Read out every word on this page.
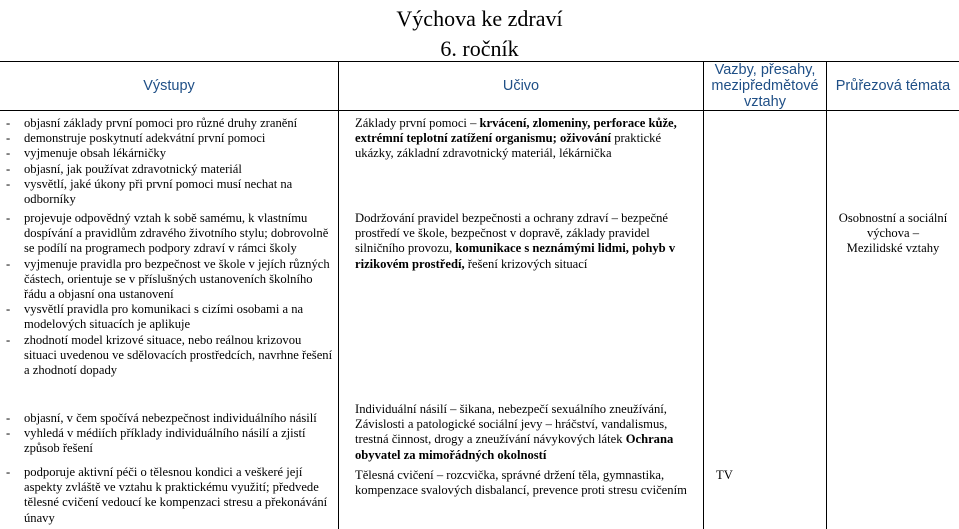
Výchova ke zdraví
6. ročník
Výstupy	Učivo
Vazby, přesahy, mezipředmětové vztahy
Průřezová témata
- objasní základy první pomoci pro různé druhy zranění
- demonstruje poskytnutí adekvátní první pomoci
- vyjmenuje obsah lékárničky
- objasní, jak používat zdravotnický materiál
- vysvětlí, jaké úkony při první pomoci musí nechat na odborníky
Základy první pomoci – krvácení, zlomeniny, perforace kůže, extrémní teplotní zatížení organismu; oživování praktické ukázky, základní zdravotnický materiál, lékárnička
- projevuje odpovědný vztah k sobě samému, k vlastnímu dospívání a pravidlům zdravého životního stylu; dobrovolně se podílí na programech podpory zdraví v rámci školy
- vyjmenuje pravidla pro bezpečnost ve škole v jejích různých částech, orientuje se v příslušných ustanoveních školního řádu a objasní ona ustanovení
- vysvětlí pravidla pro komunikaci s cizími osobami a na modelových situacích je aplikuje
- zhodnotí model krizové situace, nebo reálnou krizovou situaci uvedenou ve sdělovacích prostředcích, navrhne řešení a zhodnotí dopady
Dodržování pravidel bezpečnosti a ochrany zdraví – bezpečné prostředí ve škole, bezpečnost v dopravě, základy pravidel silničního provozu, komunikace s neznámými lidmi, pohyb v rizikovém prostředí, řešení krizových situací
Osobnostní a sociální výchova –
Mezilidské vztahy
- objasní, v čem spočívá nebezpečnost individuálního násilí
- vyhledá v médiích příklady individuálního násilí a zjistí způsob řešení
Individuální násilí – šikana, nebezpečí sexuálního zneužívání, Závislosti a patologické sociální jevy – hráčství, vandalismus, trestná činnost, drogy a zneužívání návykových látek Ochrana obyvatel za mimořádných okolností
- podporuje aktivní péči o tělesnou kondici a veškeré její aspekty zvláště ve vztahu k praktickému využití; předvede tělesné cvičení vedoucí ke kompenzaci stresu a překonávání únavy
Tělesná cvičení – rozcvička, správné držení těla, gymnastika, kompenzace svalových disbalancí, prevence proti stresu cvičením
TV
